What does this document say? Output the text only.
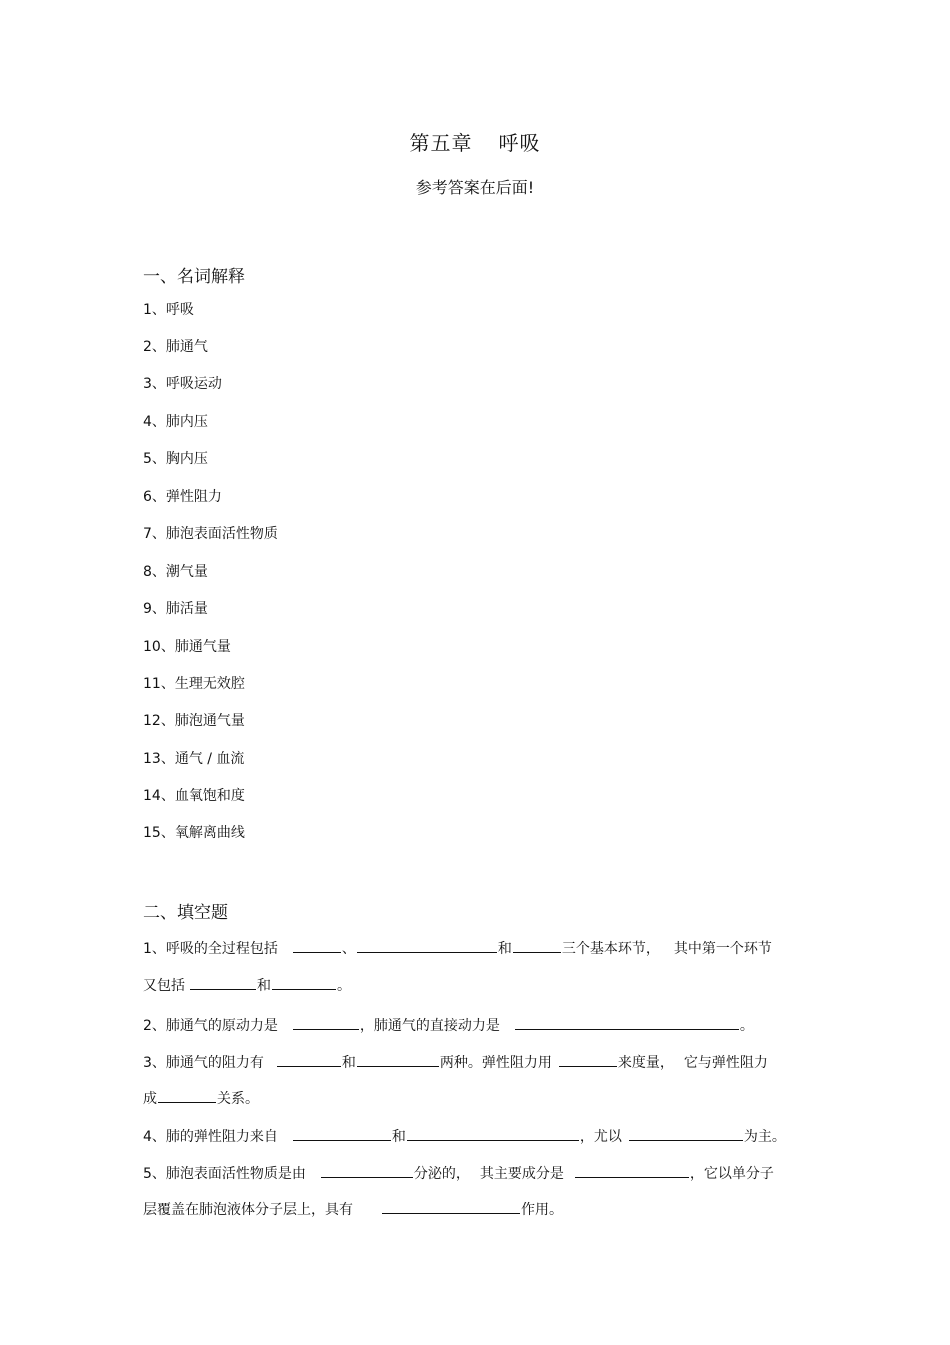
第五章 呼吸
参考答案在后面!
一、名词解释
1、呼吸
2、肺通气
3、呼吸运动
4、肺内压
5、胸内压
6、弹性阻力
7、肺泡表面活性物质
8、潮气量
9、肺活量
10、肺通气量
11、生理无效腔
12、肺泡通气量
13、通气 / 血流
14、血氧饱和度
15、氧解离曲线
二、填空题
1、呼吸的全过程包括	、	和	三个基本环节， 其中第一个环节
又包括	和	。
2、肺通气的原动力是	，肺通气的直接动力是	。
3、肺通气的阻力有	和	两种。弹性阻力用	来度量， 它与弹性阻力
成	关系。
4、肺的弹性阻力来自	和	，尤以	为主。
5、肺泡表面活性物质是由	分泌的， 其主要成分是	，它以单分子
层覆盖在肺泡液体分子层上，具有	作用。
